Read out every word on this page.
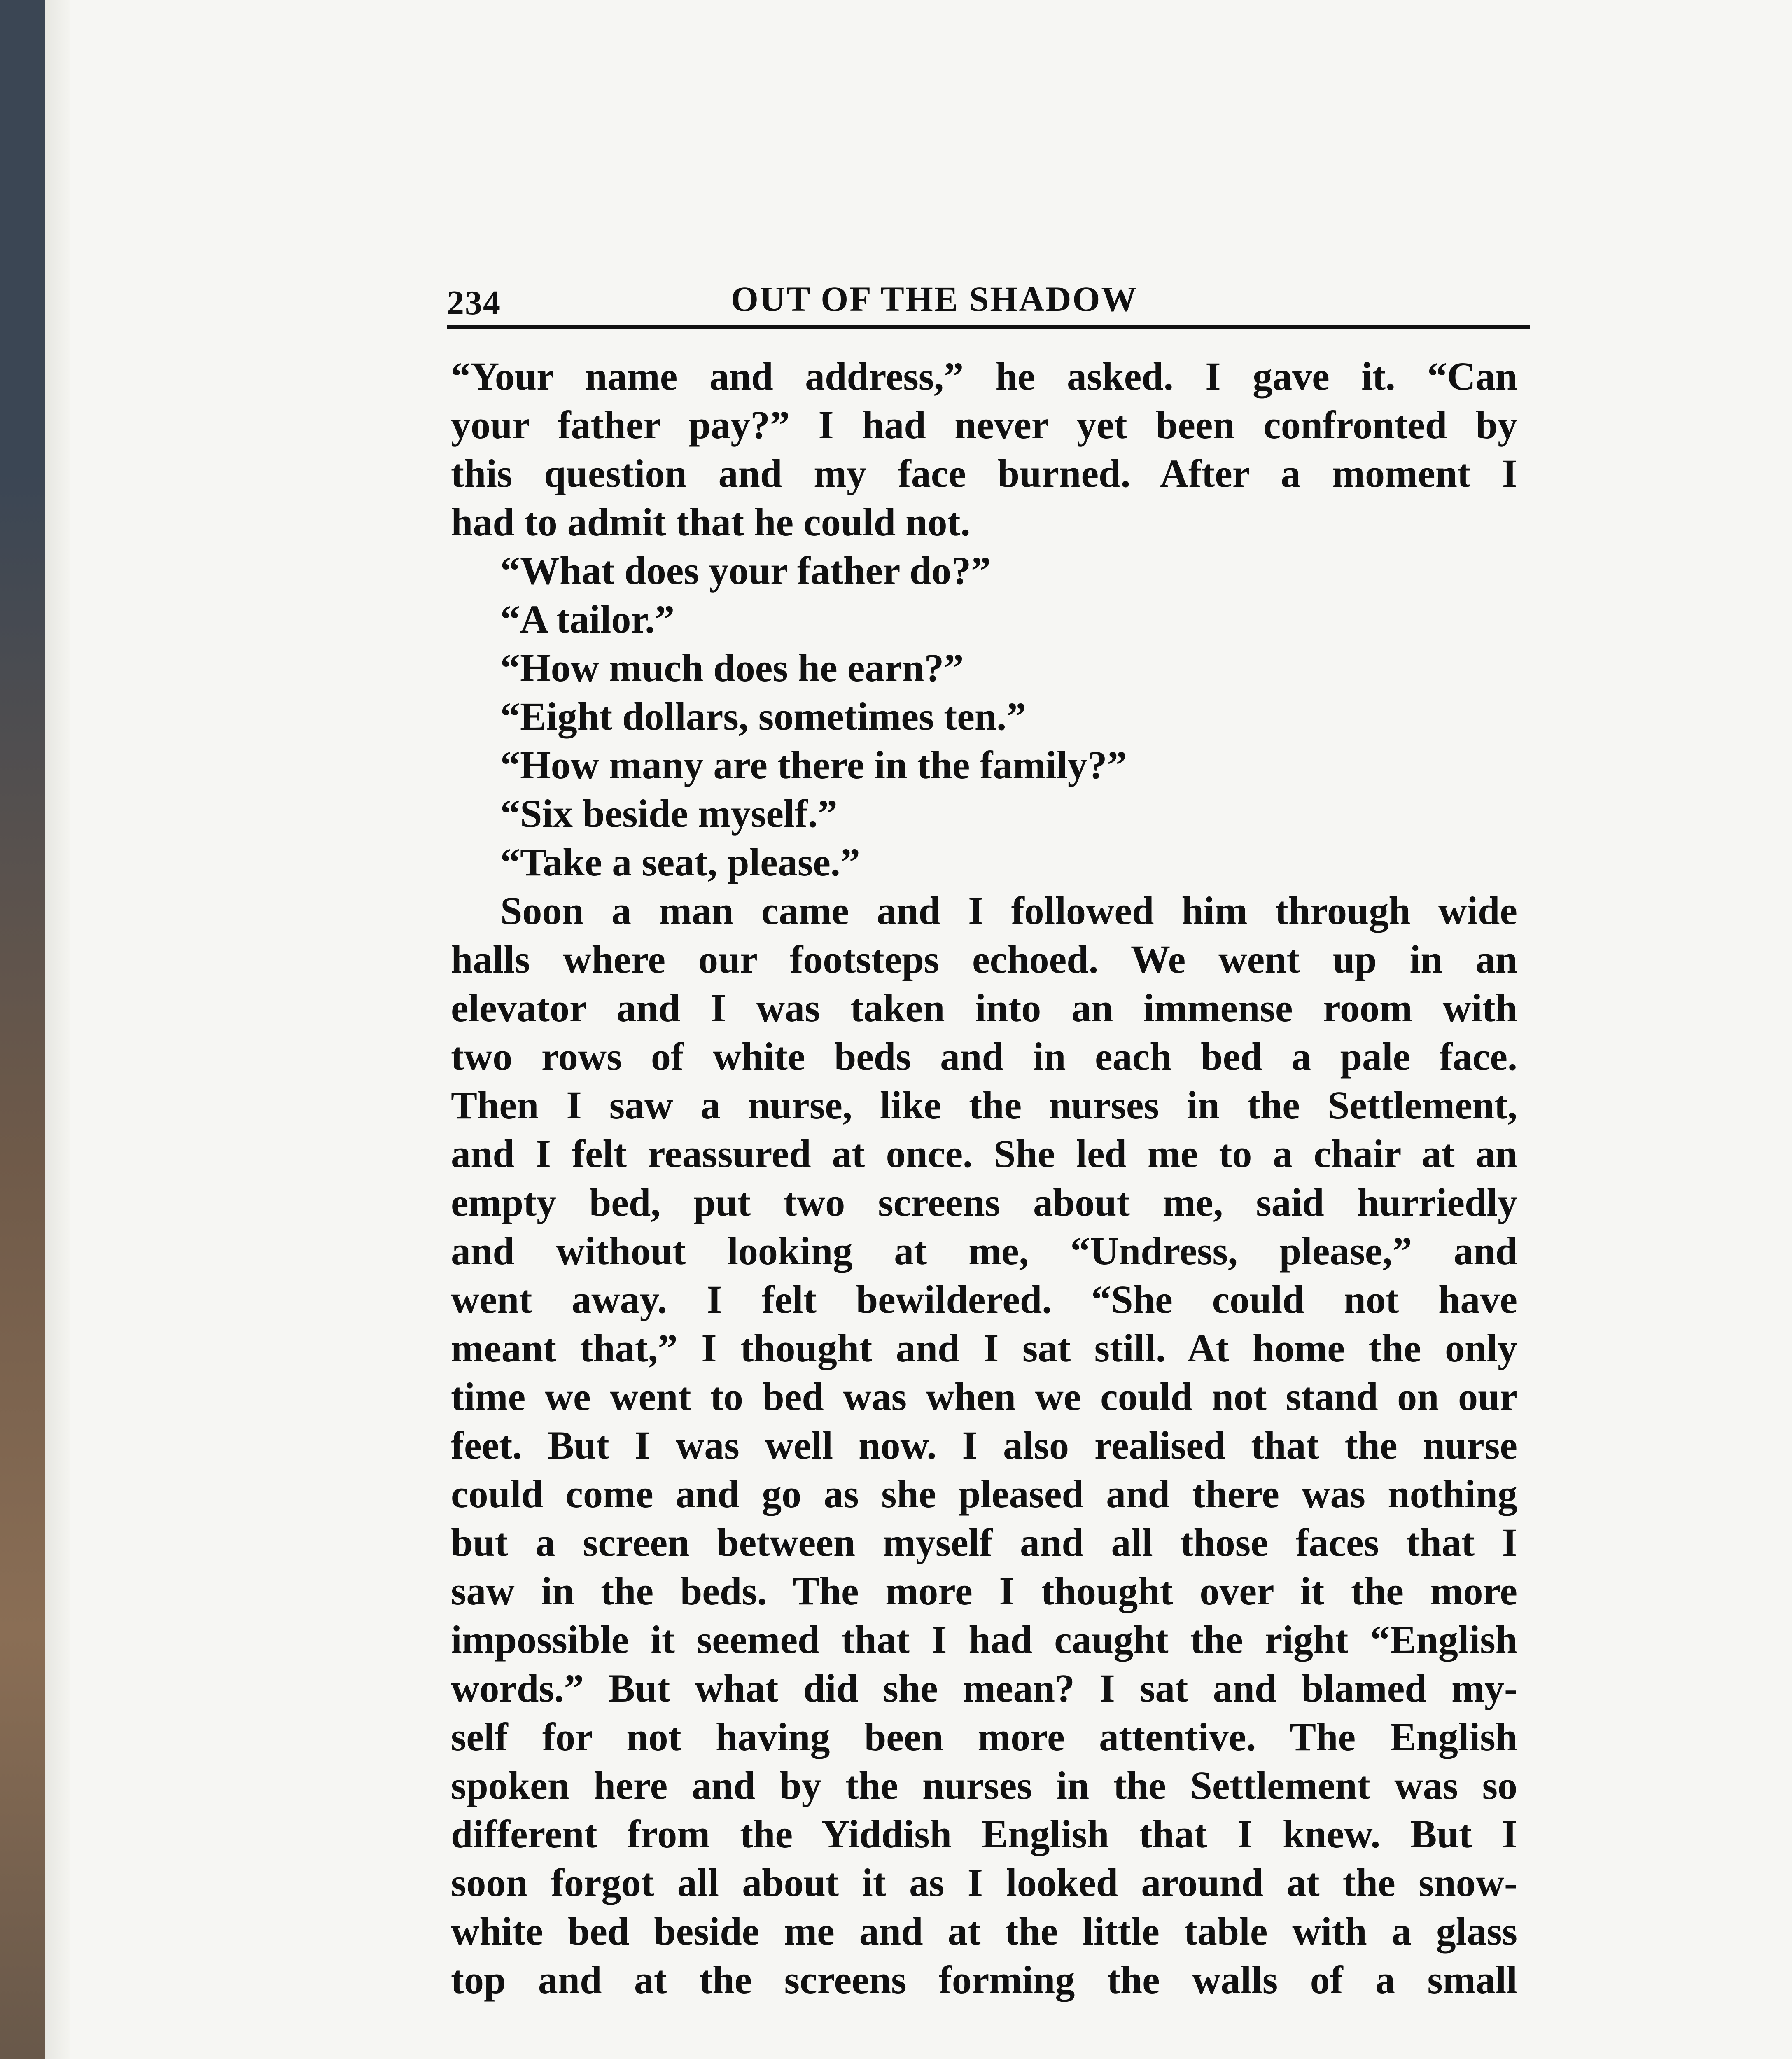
234	OUT OF THE SHADOW
“Your name and address,” he asked. I gave it. “Can
your father pay?” I had never yet been confronted by
this question and my face burned. After a moment I
had to admit that he could not.
“What does your father do?”
“A tailor.”
“How much does he earn?”
“Eight dollars, sometimes ten.”
“How many are there in the family?”
“Six beside myself.”
“Take a seat, please.”
Soon a man came and I followed him through wide
halls where our footsteps echoed. We went up in an
elevator and I was taken into an immense room with
two rows of white beds and in each bed a pale face.
Then I saw a nurse, like the nurses in the Settlement,
and I felt reassured at once. She led me to a chair at an
empty bed, put two screens about me, said hurriedly
and without looking at me, “Undress, please,” and
went away. I felt bewildered. “She could not have
meant that,” I thought and I sat still. At home the only
time we went to bed was when we could not stand on our
feet. But I was well now. I also realised that the nurse
could come and go as she pleased and there was nothing
but a screen between myself and all those faces that I
saw in the beds. The more I thought over it the more
impossible it seemed that I had caught the right “English
words.” But what did she mean? I sat and blamed my-
self for not having been more attentive. The English
spoken here and by the nurses in the Settlement was so
different from the Yiddish English that I knew. But I
soon forgot all about it as I looked around at the snow-
white bed beside me and at the little table with a glass
top and at the screens forming the walls of a small
